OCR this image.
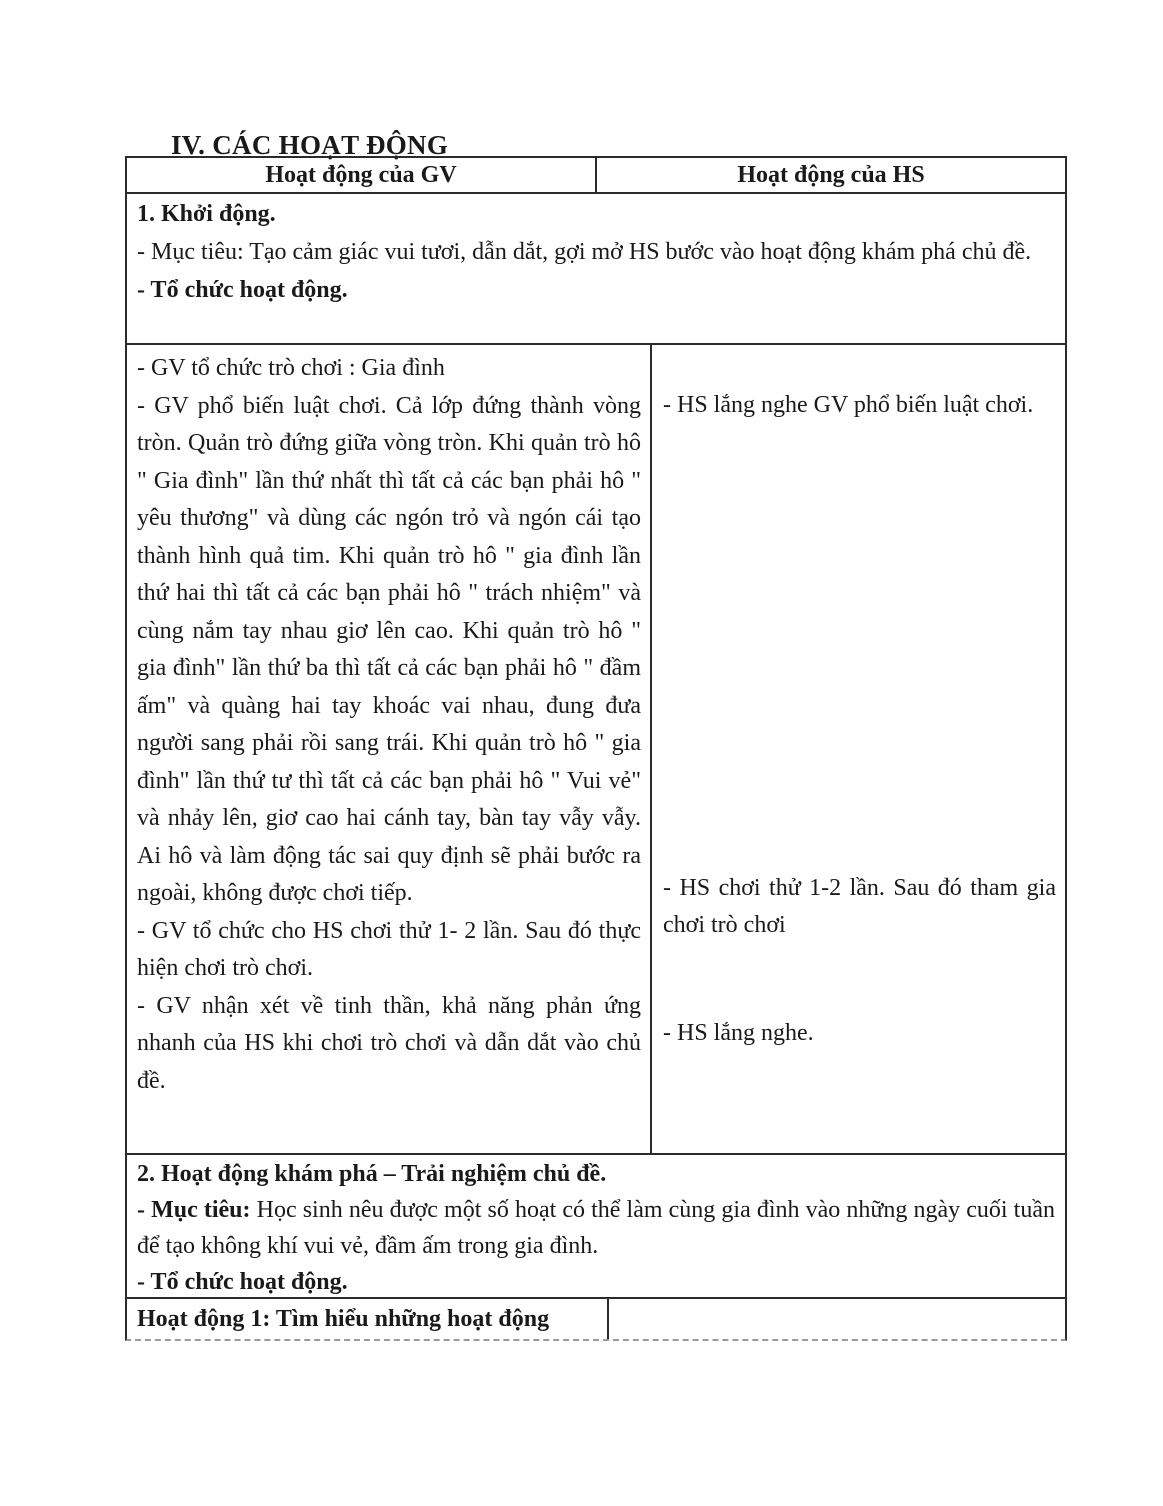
IV. CÁC HOẠT ĐỘNG
Hoạt động của GV	Hoạt động của HS

1. Khởi động.

- Mục tiêu: Tạo cảm giác vui tươi, dẫn dắt, gợi mở HS bước vào hoạt động khám phá chủ đề.

- Tổ chức hoạt động.

- GV tổ chức trò chơi : Gia đình

- GV phổ biến luật chơi. Cả lớp đứng thành vòng tròn. Quản trò đứng giữa vòng tròn. Khi quản trò hô " Gia đình" lần thứ nhất thì tất cả các bạn phải hô " yêu thương" và dùng các ngón trỏ và ngón cái tạo thành hình quả tim. Khi quản trò hô " gia đình lần thứ hai thì tất cả các bạn phải hô " trách nhiệm" và cùng nắm tay nhau giơ lên cao. Khi quản trò hô " gia đình" lần thứ ba thì tất cả các bạn phải hô " đầm ấm" và quàng hai tay khoác vai nhau, đung đưa người sang phải rồi sang trái. Khi quản trò hô " gia đình" lần thứ tư thì tất cả các bạn phải hô " Vui vẻ" và nhảy lên, giơ cao hai cánh tay, bàn tay vẫy vẫy. Ai hô và làm động tác sai quy định sẽ phải bước ra ngoài, không được chơi tiếp.

- GV tổ chức cho HS chơi thử 1- 2 lần. Sau đó thực hiện chơi trò chơi.

- GV nhận xét về tinh thần, khả năng phản ứng nhanh của HS khi chơi trò chơi và dẫn dắt vào chủ đề.

- HS lắng nghe GV phổ biến luật chơi.

- HS chơi thử 1-2 lần. Sau đó tham gia chơi trò chơi

- HS lắng nghe.

2. Hoạt động khám phá – Trải nghiệm chủ đề.

- Mục tiêu: Học sinh nêu được một số hoạt có thể làm cùng gia đình vào những ngày cuối tuần để tạo không khí vui vẻ, đầm ấm trong gia đình.

- Tổ chức hoạt động.

Hoạt động 1: Tìm hiểu những hoạt động
